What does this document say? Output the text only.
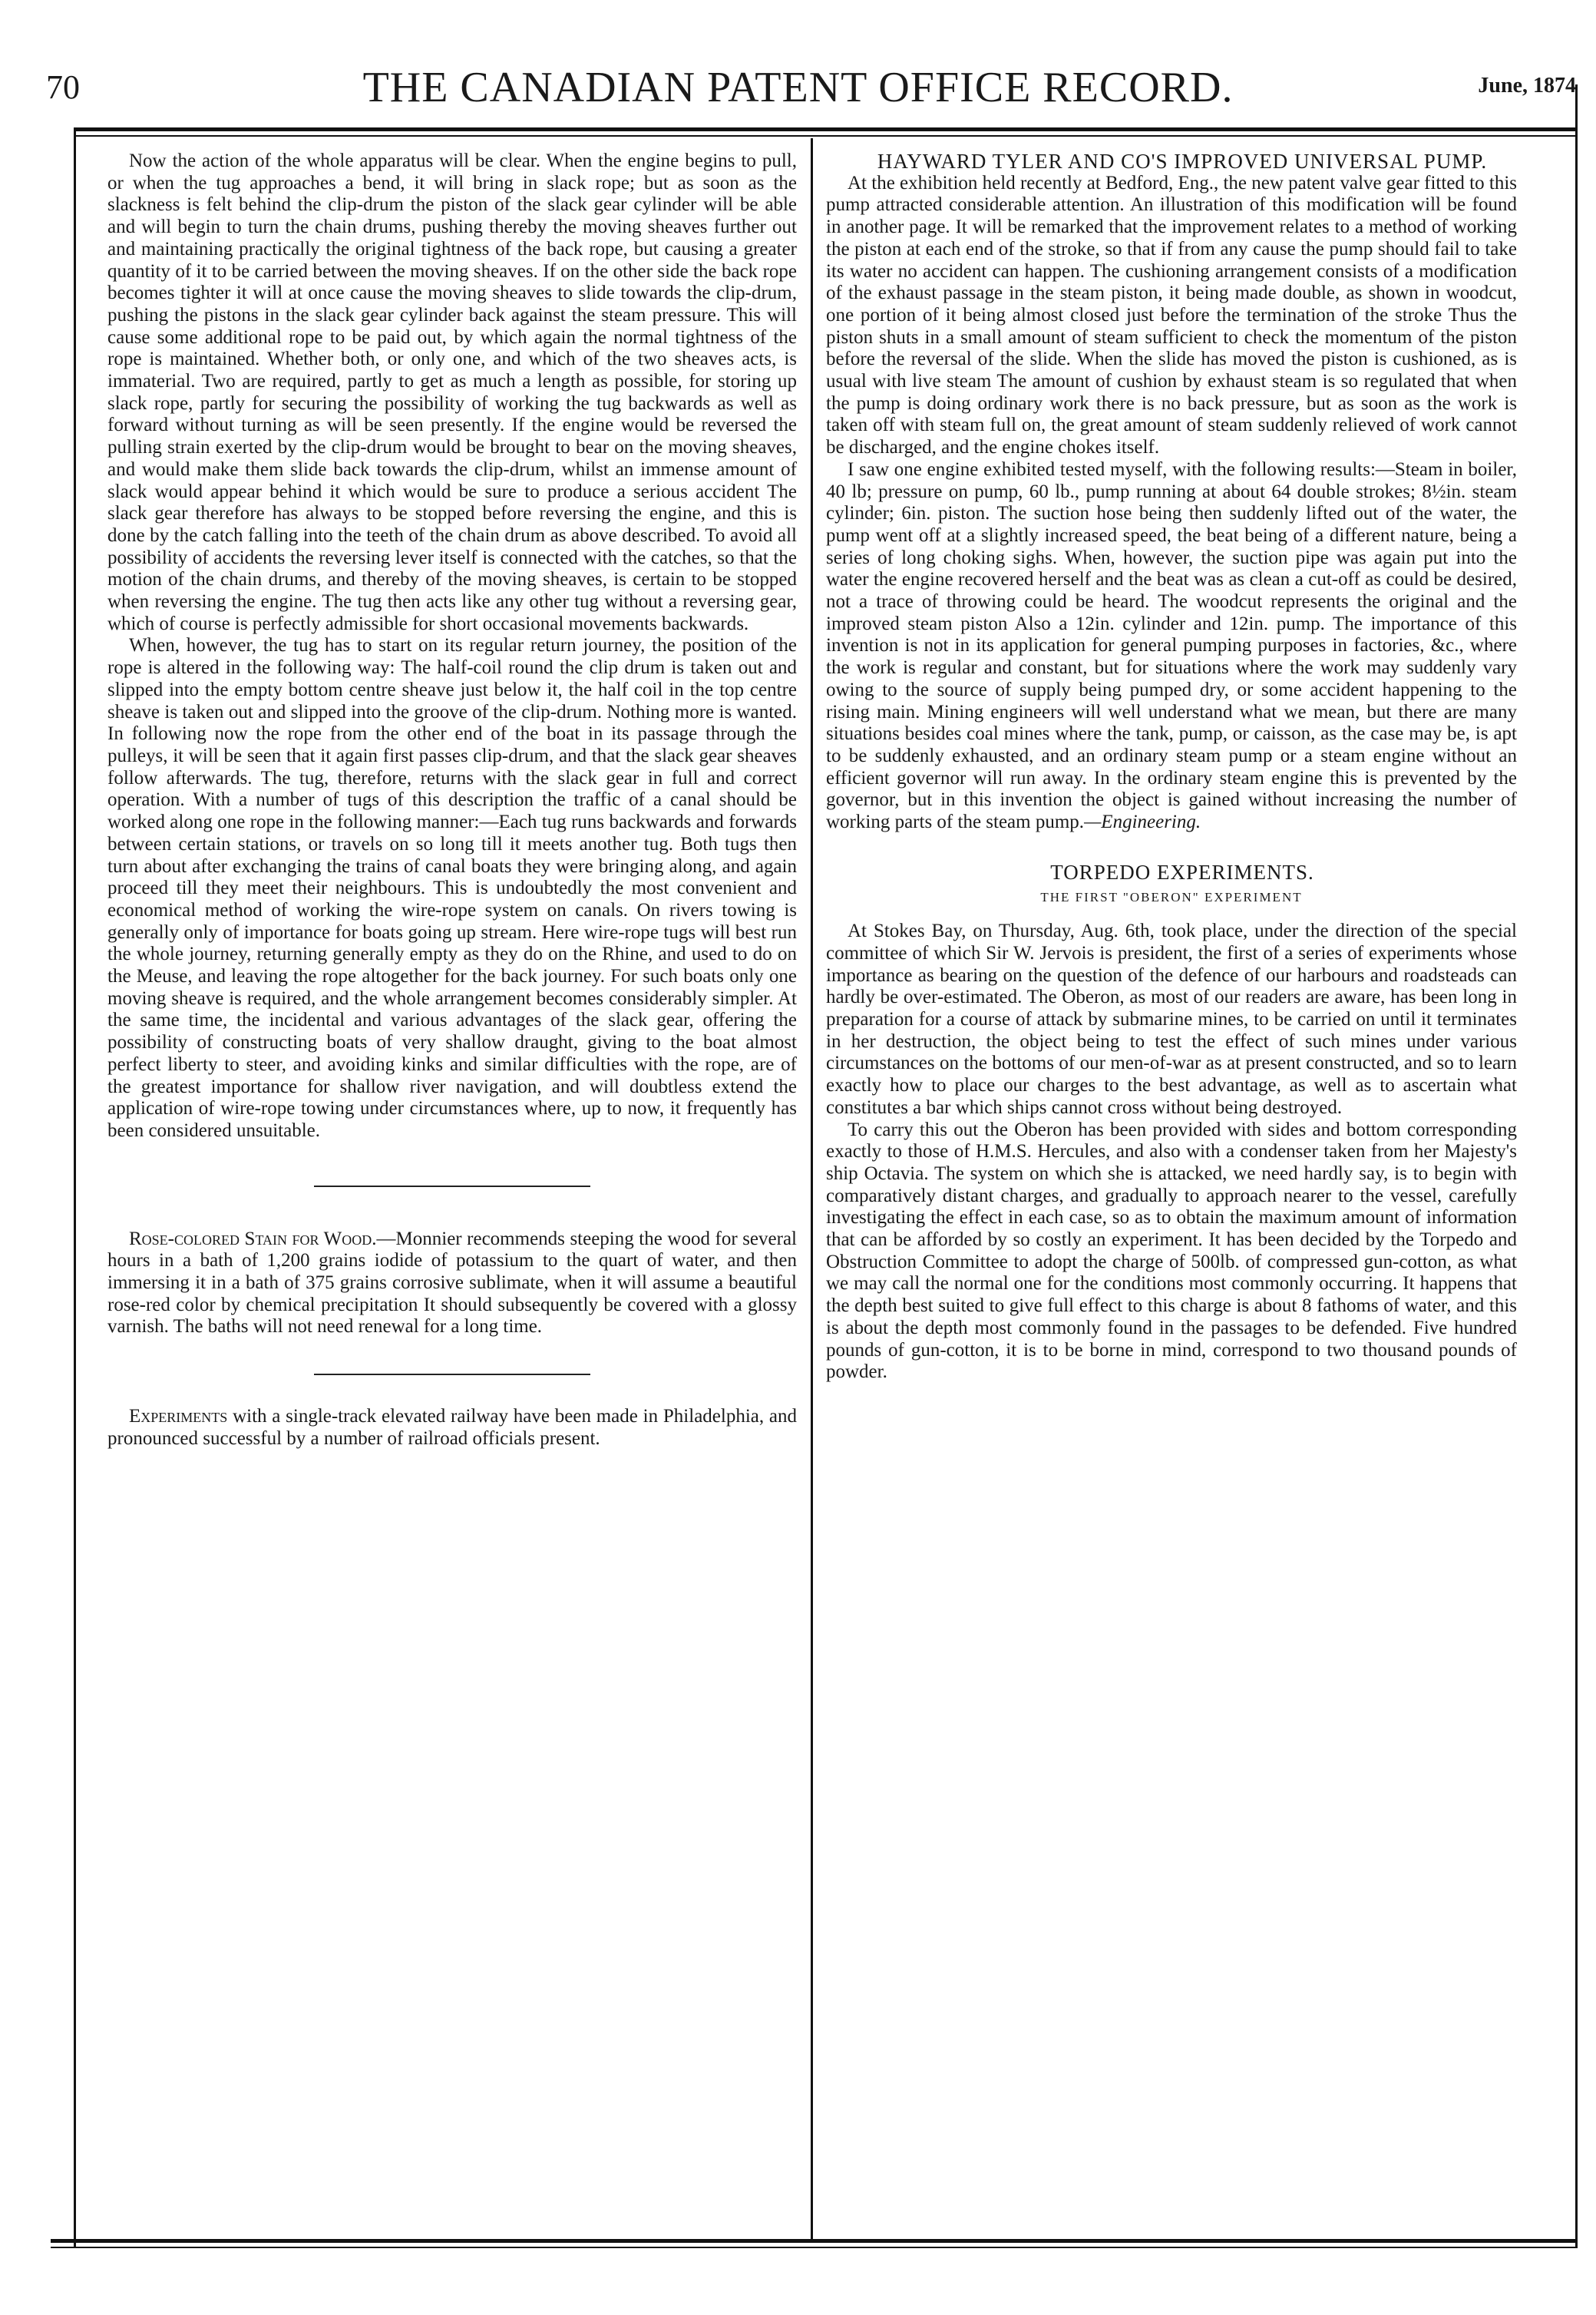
70	THE CANADIAN PATENT OFFICE RECORD.	June, 1874

Now the action of the whole apparatus will be clear. When the engine begins to pull, or when the tug approaches a bend, it will bring in slack rope; but as soon as the slackness is felt behind the clip-drum the piston of the slack gear cylinder will be able and will begin to turn the chain drums, pushing thereby the moving sheaves further out and maintaining practically the original tightness of the back rope, but causing a greater quantity of it to be carried between the moving sheaves. If on the other side the back rope becomes tighter it will at once cause the moving sheaves to slide towards the clip-drum, pushing the pistons in the slack gear cylinder back against the steam pressure. This will cause some additional rope to be paid out, by which again the normal tightness of the rope is maintained. Whether both, or only one, and which of the two sheaves acts, is immaterial. Two are required, partly to get as much a length as possible, for storing up slack rope, partly for securing the possibility of working the tug backwards as well as forward without turning as will be seen presently. If the engine would be reversed the pulling strain exerted by the clip-drum would be brought to bear on the moving sheaves, and would make them slide back towards the clip-drum, whilst an immense amount of slack would appear behind it which would be sure to produce a serious accident The slack gear therefore has always to be stopped before reversing the engine, and this is done by the catch falling into the teeth of the chain drum as above described. To avoid all possibility of accidents the reversing lever itself is connected with the catches, so that the motion of the chain drums, and thereby of the moving sheaves, is certain to be stopped when reversing the engine. The tug then acts like any other tug without a reversing gear, which of course is perfectly admissible for short occasional movements backwards.

When, however, the tug has to start on its regular return journey, the position of the rope is altered in the following way: The half-coil round the clip drum is taken out and slipped into the empty bottom centre sheave just below it, the half coil in the top centre sheave is taken out and slipped into the groove of the clip-drum. Nothing more is wanted. In following now the rope from the other end of the boat in its passage through the pulleys, it will be seen that it again first passes clip-drum, and that the slack gear sheaves follow afterwards. The tug, therefore, returns with the slack gear in full and correct operation. With a number of tugs of this description the traffic of a canal should be worked along one rope in the following manner:—Each tug runs backwards and forwards between certain stations, or travels on so long till it meets another tug. Both tugs then turn about after exchanging the trains of canal boats they were bringing along, and again proceed till they meet their neighbours. This is undoubtedly the most convenient and economical method of working the wire-rope system on canals. On rivers towing is generally only of importance for boats going up stream. Here wire-rope tugs will best run the whole journey, returning generally empty as they do on the Rhine, and used to do on the Meuse, and leaving the rope altogether for the back journey. For such boats only one moving sheave is required, and the whole arrangement becomes considerably simpler. At the same time, the incidental and various advantages of the slack gear, offering the possibility of constructing boats of very shallow draught, giving to the boat almost perfect liberty to steer, and avoiding kinks and similar difficulties with the rope, are of the greatest importance for shallow river navigation, and will doubtless extend the application of wire-rope towing under circumstances where, up to now, it frequently has been considered unsuitable.

Rose-colored Stain for Wood.—Monnier recommends steeping the wood for several hours in a bath of 1,200 grains iodide of potassium to the quart of water, and then immersing it in a bath of 375 grains corrosive sublimate, when it will assume a beautiful rose-red color by chemical precipitation It should subsequently be covered with a glossy varnish. The baths will not need renewal for a long time.

Experiments with a single-track elevated railway have been made in Philadelphia, and pronounced successful by a number of railroad officials present.

HAYWARD TYLER AND CO'S IMPROVED UNIVERSAL PUMP.

At the exhibition held recently at Bedford, Eng., the new patent valve gear fitted to this pump attracted considerable attention. An illustration of this modification will be found in another page. It will be remarked that the improvement relates to a method of working the piston at each end of the stroke, so that if from any cause the pump should fail to take its water no accident can happen. The cushioning arrangement consists of a modification of the exhaust passage in the steam piston, it being made double, as shown in woodcut, one portion of it being almost closed just before the termination of the stroke Thus the piston shuts in a small amount of steam sufficient to check the momentum of the piston before the reversal of the slide. When the slide has moved the piston is cushioned, as is usual with live steam The amount of cushion by exhaust steam is so regulated that when the pump is doing ordinary work there is no back pressure, but as soon as the work is taken off with steam full on, the great amount of steam suddenly relieved of work cannot be discharged, and the engine chokes itself.

I saw one engine exhibited tested myself, with the following results:—Steam in boiler, 40 lb; pressure on pump, 60 lb., pump running at about 64 double strokes; 8½in. steam cylinder; 6in. piston. The suction hose being then suddenly lifted out of the water, the pump went off at a slightly increased speed, the beat being of a different nature, being a series of long choking sighs. When, however, the suction pipe was again put into the water the engine recovered herself and the beat was as clean a cut-off as could be desired, not a trace of throwing could be heard. The woodcut represents the original and the improved steam piston Also a 12in. cylinder and 12in. pump. The importance of this invention is not in its application for general pumping purposes in factories, &c., where the work is regular and constant, but for situations where the work may suddenly vary owing to the source of supply being pumped dry, or some accident happening to the rising main. Mining engineers will well understand what we mean, but there are many situations besides coal mines where the tank, pump, or caisson, as the case may be, is apt to be suddenly exhausted, and an ordinary steam pump or a steam engine without an efficient governor will run away. In the ordinary steam engine this is prevented by the governor, but in this invention the object is gained without increasing the number of working parts of the steam pump.—Engineering.

TORPEDO EXPERIMENTS.

THE FIRST "OBERON" EXPERIMENT

At Stokes Bay, on Thursday, Aug. 6th, took place, under the direction of the special committee of which Sir W. Jervois is president, the first of a series of experiments whose importance as bearing on the question of the defence of our harbours and roadsteads can hardly be over-estimated. The Oberon, as most of our readers are aware, has been long in preparation for a course of attack by submarine mines, to be carried on until it terminates in her destruction, the object being to test the effect of such mines under various circumstances on the bottoms of our men-of-war as at present constructed, and so to learn exactly how to place our charges to the best advantage, as well as to ascertain what constitutes a bar which ships cannot cross without being destroyed.

To carry this out the Oberon has been provided with sides and bottom corresponding exactly to those of H.M.S. Hercules, and also with a condenser taken from her Majesty's ship Octavia. The system on which she is attacked, we need hardly say, is to begin with comparatively distant charges, and gradually to approach nearer to the vessel, carefully investigating the effect in each case, so as to obtain the maximum amount of information that can be afforded by so costly an experiment. It has been decided by the Torpedo and Obstruction Committee to adopt the charge of 500lb. of compressed gun-cotton, as what we may call the normal one for the conditions most commonly occurring. It happens that the depth best suited to give full effect to this charge is about 8 fathoms of water, and this is about the depth most commonly found in the passages to be defended. Five hundred pounds of gun-cotton, it is to be borne in mind, correspond to two thousand pounds of powder.
